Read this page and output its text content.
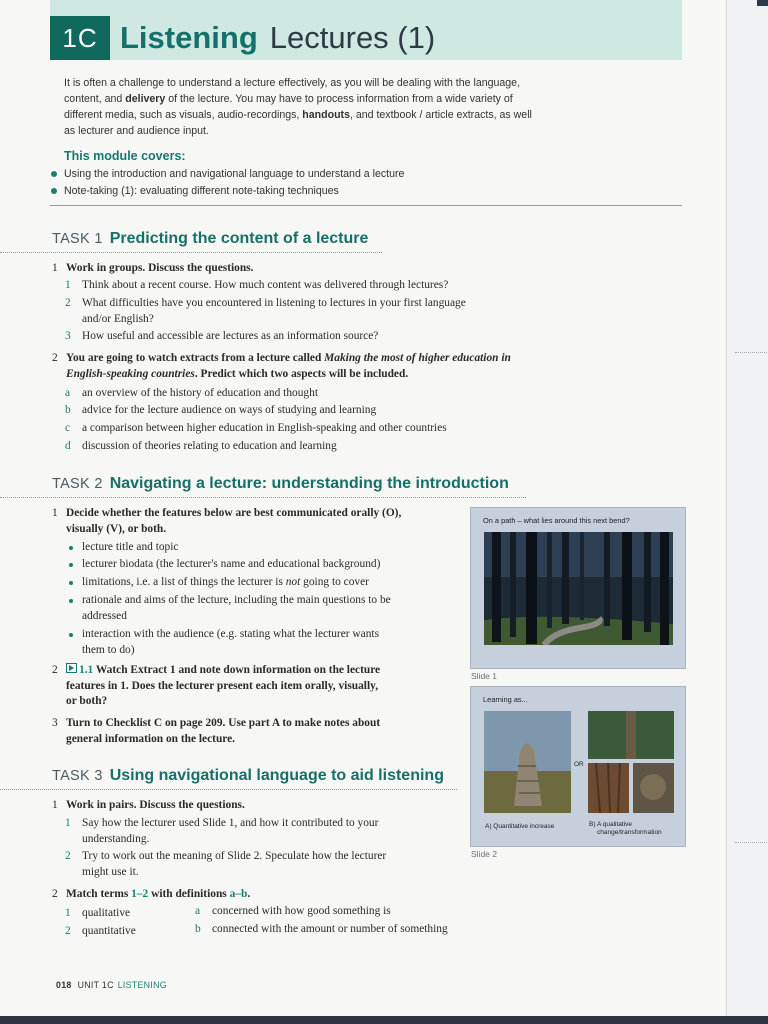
1C Listening Lectures (1)
It is often a challenge to understand a lecture effectively, as you will be dealing with the language, content, and delivery of the lecture. You may have to process information from a wide variety of different media, such as visuals, audio-recordings, handouts, and textbook / article extracts, as well as lecturer and audience input.
This module covers:
Using the introduction and navigational language to understand a lecture
Note-taking (1): evaluating different note-taking techniques
TASK 1 Predicting the content of a lecture
1 Work in groups. Discuss the questions.
1 Think about a recent course. How much content was delivered through lectures?
2 What difficulties have you encountered in listening to lectures in your first language
and/or English?
3 How useful and accessible are lectures as an information source?
2 You are going to watch extracts from a lecture called Making the most of higher education in English-speaking countries. Predict which two aspects will be included.
a an overview of the history of education and thought
b advice for the lecture audience on ways of studying and learning
c a comparison between higher education in English-speaking and other countries
d discussion of theories relating to education and learning
TASK 2 Navigating a lecture: understanding the introduction
1 Decide whether the features below are best communicated orally (O),
visually (V), or both.
lecture title and topic
lecturer biodata (the lecturer's name and educational background)
limitations, i.e. a list of things the lecturer is not going to cover
rationale and aims of the lecture, including the main questions to be
addressed
interaction with the audience (e.g. stating what the lecturer wants
them to do)
2 1.1 Watch Extract 1 and note down information on the lecture
features in 1. Does the lecturer present each item orally, visually,
or both?
3 Turn to Checklist C on page 209. Use part A to make notes about
general information on the lecture.
On a path – what lies around this next bend?
Slide 1
Learning as...
OR
A) Quantitative increase	B) A qualitative
change/transformation
Slide 2
TASK 3 Using navigational language to aid listening
1 Work in pairs. Discuss the questions.
1 Say how the lecturer used Slide 1, and how it contributed to your
understanding.
2 Try to work out the meaning of Slide 2. Speculate how the lecturer
might use it.
2 Match terms 1–2 with definitions a–b.
1 qualitative	a concerned with how good something is
2 quantitative	b connected with the amount or number of something
018 UNIT 1C LISTENING
